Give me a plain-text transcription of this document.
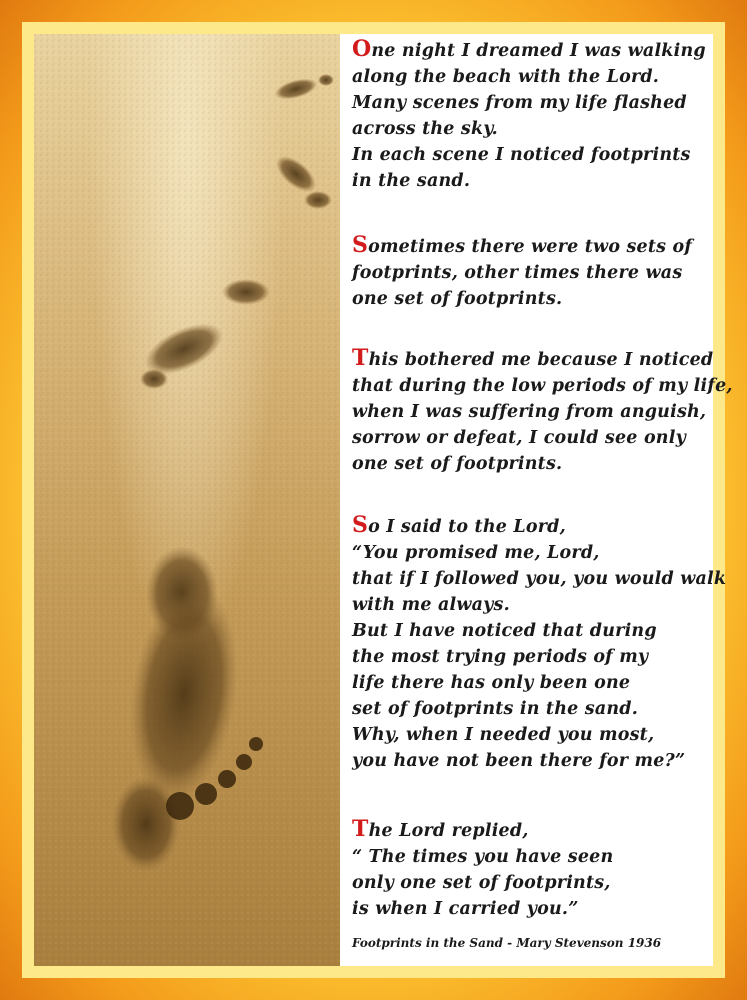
One night I dreamed I was walking
along the beach with the Lord.
Many scenes from my life flashed
across the sky.
In each scene I noticed footprints
in the sand.
Sometimes there were two sets of
footprints, other times there was
one set of footprints.
This bothered me because I noticed
that during the low periods of my life,
when I was suffering from anguish,
sorrow or defeat, I could see only
one set of footprints.
So I said to the Lord,
“You promised me, Lord,
that if I followed you, you would walk
with me always.
But I have noticed that during
the most trying periods of my
life there has only been one
set of footprints in the sand.
Why, when I needed you most,
you have not been there for me?”
The Lord replied,
“ The times you have seen
only one set of footprints,
is when I carried you.”
Footprints in the Sand - Mary Stevenson 1936
